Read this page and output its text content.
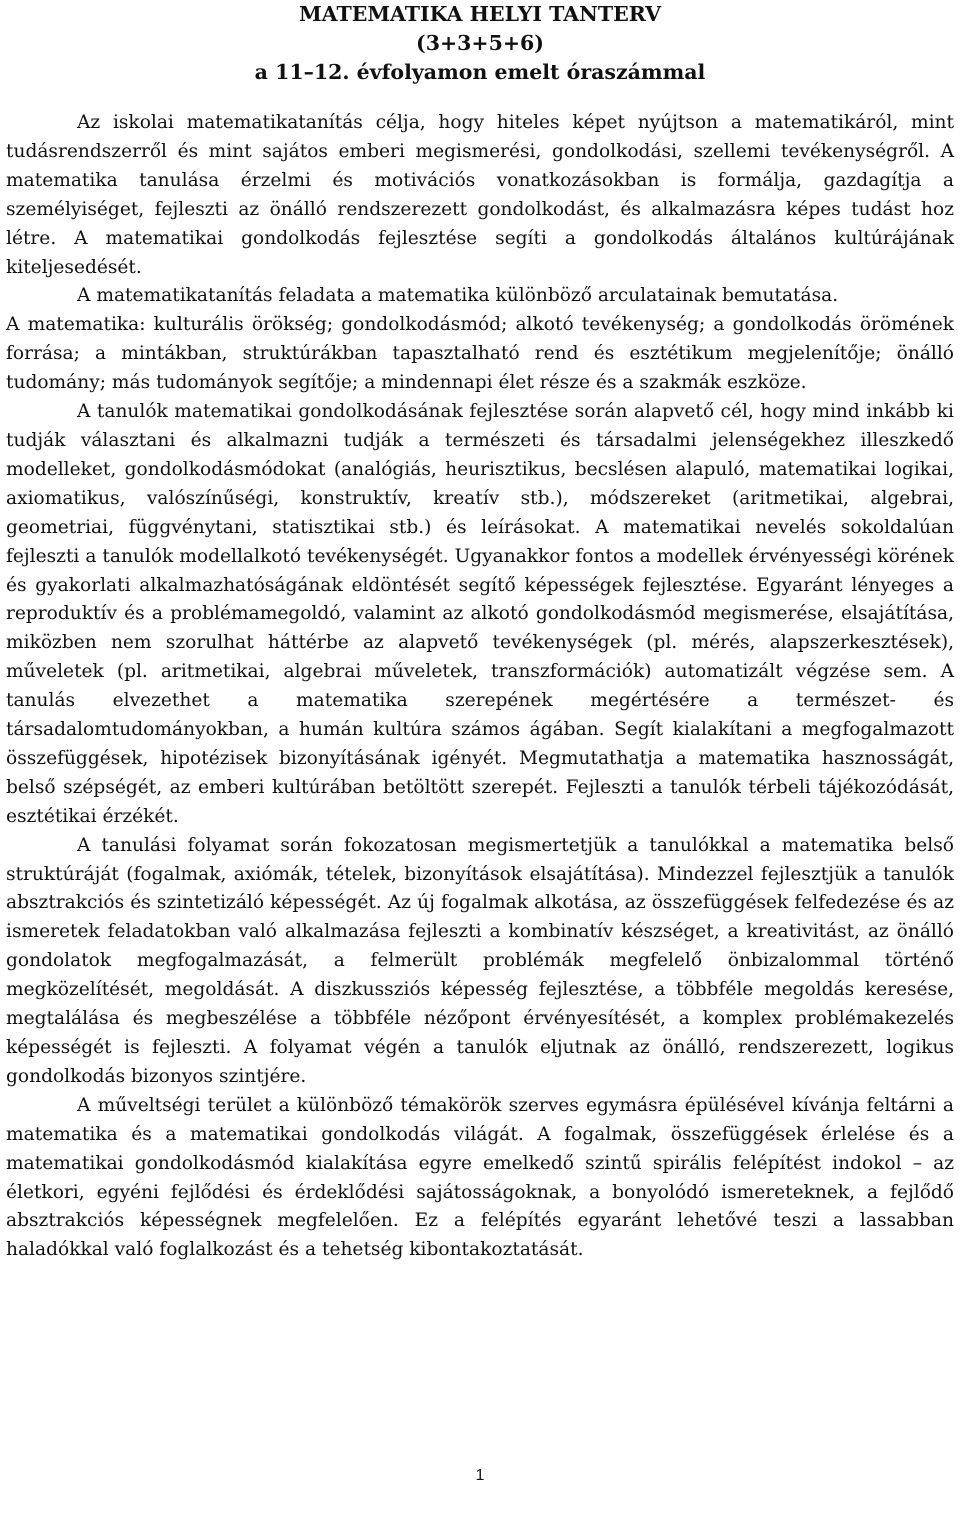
MATEMATIKA HELYI TANTERV
(3+3+5+6)
a 11–12. évfolyamon emelt óraszámmal

Az iskolai matematikatanítás célja, hogy hiteles képet nyújtson a matematikáról, mint tudásrendszerről és mint sajátos emberi megismerési, gondolkodási, szellemi tevékenységről. A matematika tanulása érzelmi és motivációs vonatkozásokban is formálja, gazdagítja a személyiséget, fejleszti az önálló rendszerezett gondolkodást, és alkalmazásra képes tudást hoz létre. A matematikai gondolkodás fejlesztése segíti a gondolkodás általános kultúrájának kiteljesedését.

A matematikatanítás feladata a matematika különböző arculatainak bemutatása.

A matematika: kulturális örökség; gondolkodásmód; alkotó tevékenység; a gondolkodás örömének forrása; a mintákban, struktúrákban tapasztalható rend és esztétikum megjelenítője; önálló tudomány; más tudományok segítője; a mindennapi élet része és a szakmák eszköze.

A tanulók matematikai gondolkodásának fejlesztése során alapvető cél, hogy mind inkább ki tudják választani és alkalmazni tudják a természeti és társadalmi jelenségekhez illeszkedő modelleket, gondolkodásmódokat (analógiás, heurisztikus, becslésen alapuló, matematikai logikai, axiomatikus, valószínűségi, konstruktív, kreatív stb.), módszereket (aritmetikai, algebrai, geometriai, függvénytani, statisztikai stb.) és leírásokat. A matematikai nevelés sokoldalúan fejleszti a tanulók modellalkotó tevékenységét. Ugyanakkor fontos a modellek érvényességi körének és gyakorlati alkalmazhatóságának eldöntését segítő képességek fejlesztése. Egyaránt lényeges a reproduktív és a problémamegoldó, valamint az alkotó gondolkodásmód megismerése, elsajátítása, miközben nem szorulhat háttérbe az alapvető tevékenységek (pl. mérés, alapszerkesztések), műveletek (pl. aritmetikai, algebrai műveletek, transzformációk) automatizált végzése sem. A tanulás elvezethet a matematika szerepének megértésére a természet- és társadalomtudományokban, a humán kultúra számos ágában. Segít kialakítani a megfogalmazott összefüggések, hipotézisek bizonyításának igényét. Megmutathatja a matematika hasznosságát, belső szépségét, az emberi kultúrában betöltött szerepét. Fejleszti a tanulók térbeli tájékozódását, esztétikai érzékét.

A tanulási folyamat során fokozatosan megismertetjük a tanulókkal a matematika belső struktúráját (fogalmak, axiómák, tételek, bizonyítások elsajátítása). Mindezzel fejlesztjük a tanulók absztrakciós és szintetizáló képességét. Az új fogalmak alkotása, az összefüggések felfedezése és az ismeretek feladatokban való alkalmazása fejleszti a kombinatív készséget, a kreativitást, az önálló gondolatok megfogalmazását, a felmerült problémák megfelelő önbizalommal történő megközelítését, megoldását. A diszkussziós képesség fejlesztése, a többféle megoldás keresése, megtalálása és megbeszélése a többféle nézőpont érvényesítését, a komplex problémakezelés képességét is fejleszti. A folyamat végén a tanulók eljutnak az önálló, rendszerezett, logikus gondolkodás bizonyos szintjére.

A műveltségi terület a különböző témakörök szerves egymásra épülésével kívánja feltárni a matematika és a matematikai gondolkodás világát. A fogalmak, összefüggések érlelése és a matematikai gondolkodásmód kialakítása egyre emelkedő szintű spirális felépítést indokol – az életkori, egyéni fejlődési és érdeklődési sajátosságoknak, a bonyolódó ismereteknek, a fejlődő absztrakciós képességnek megfelelően. Ez a felépítés egyaránt lehetővé teszi a lassabban haladókkal való foglalkozást és a tehetség kibontakoztatását.

1
